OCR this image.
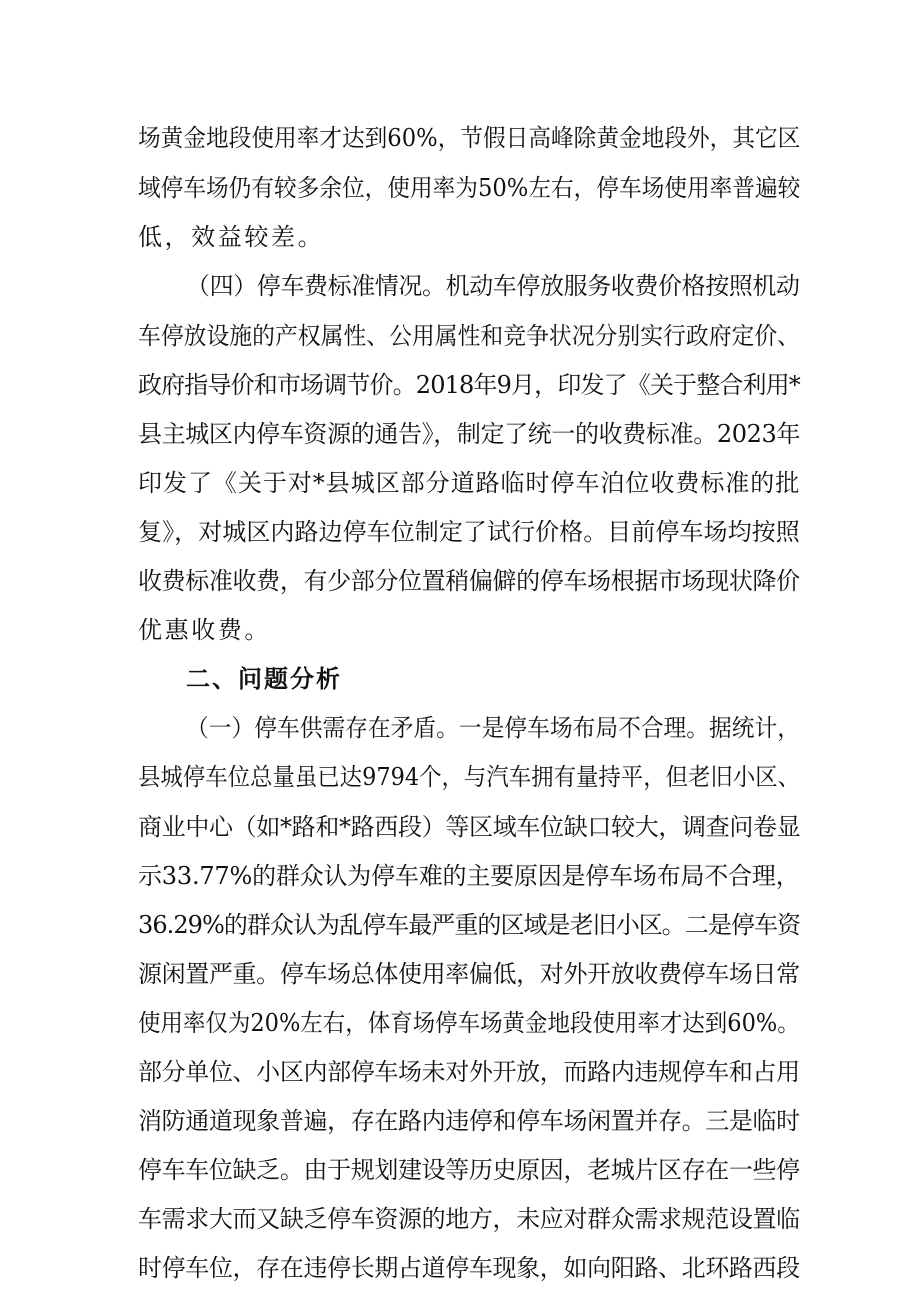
场黄金地段使用率才达到60%，节假日高峰除黄金地段外，其它区
域停车场仍有较多余位，使用率为50%左右，停车场使用率普遍较
低，效益较差。
（四）停车费标准情况。机动车停放服务收费价格按照机动
车停放设施的产权属性、公用属性和竞争状况分别实行政府定价、
政府指导价和市场调节价。2018年9月，印发了《关于整合利用*
县主城区内停车资源的通告》，制定了统一的收费标准。2023年
印发了《关于对*县城区部分道路临时停车泊位收费标准的批
复》，对城区内路边停车位制定了试行价格。目前停车场均按照
收费标准收费，有少部分位置稍偏僻的停车场根据市场现状降价
优惠收费。
二、问题分析
（一）停车供需存在矛盾。一是停车场布局不合理。据统计，
县城停车位总量虽已达9794个，与汽车拥有量持平，但老旧小区、
商业中心（如*路和*路西段）等区域车位缺口较大，调查问卷显
示33.77%的群众认为停车难的主要原因是停车场布局不合理，
36.29%的群众认为乱停车最严重的区域是老旧小区。二是停车资
源闲置严重。停车场总体使用率偏低，对外开放收费停车场日常
使用率仅为20%左右，体育场停车场黄金地段使用率才达到60%。
部分单位、小区内部停车场未对外开放，而路内违规停车和占用
消防通道现象普遍，存在路内违停和停车场闲置并存。三是临时
停车车位缺乏。由于规划建设等历史原因，老城片区存在一些停
车需求大而又缺乏停车资源的地方，未应对群众需求规范设置临
时停车位，存在违停长期占道停车现象，如向阳路、北环路西段
